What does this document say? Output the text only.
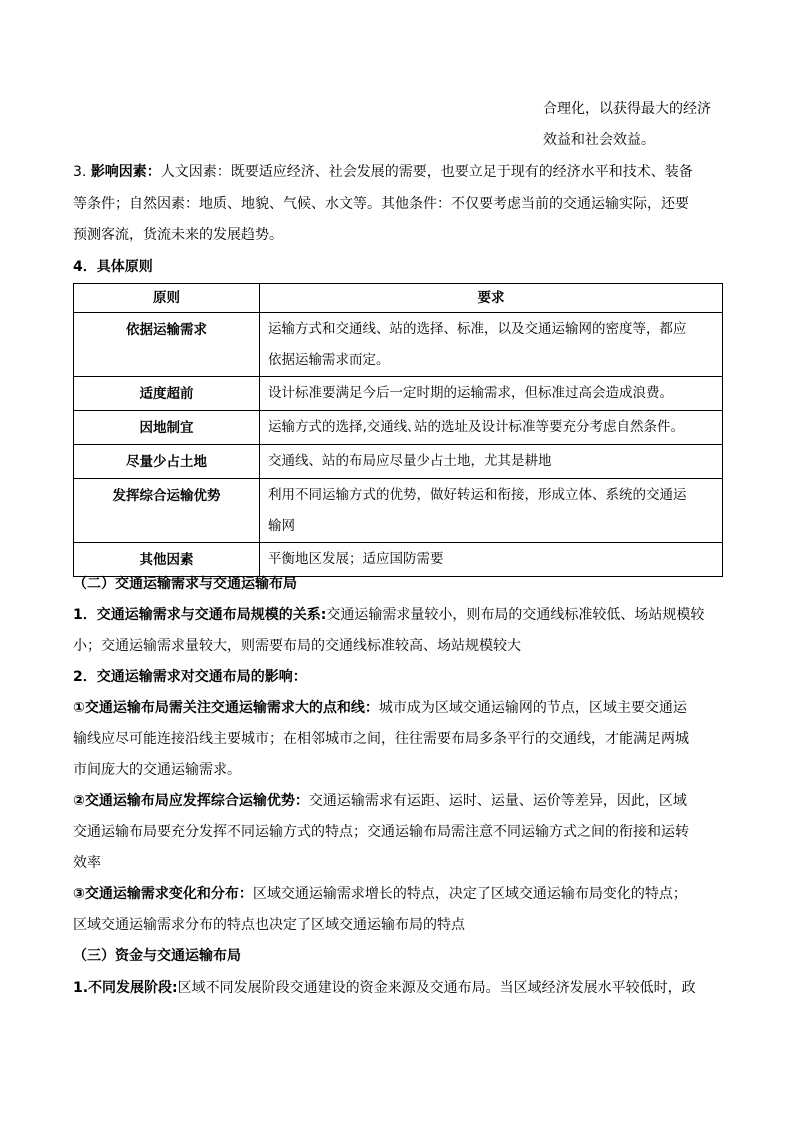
合理化，以获得最大的经济
效益和社会效益。
3. 影响因素：人文因素：既要适应经济、社会发展的需要，也要立足于现有的经济水平和技术、装备
等条件；自然因素：地质、地貌、气候、水文等。其他条件：不仅要考虑当前的交通运输实际，还要
预测客流，货流未来的发展趋势。
4．具体原则
原则	要求
依据运输需求	运输方式和交通线、站的选择、标准，以及交通运输网的密度等，都应
依据运输需求而定。

适度超前	设计标准要满足今后一定时期的运输需求，但标准过高会造成浪费。
因地制宜	运输方式的选择,交通线､站的选址及设计标准等要充分考虑自然条件。
尽量少占土地	交通线、站的布局应尽量少占土地，尤其是耕地
发挥综合运输优势	利用不同运输方式的优势，做好转运和衔接，形成立体、系统的交通运
输网

其他因素	平衡地区发展；适应国防需要
（二）交通运输需求与交通运输布局
1．交通运输需求与交通布局规模的关系:交通运输需求量较小，则布局的交通线标准较低、场站规模较
小；交通运输需求量较大，则需要布局的交通线标准较高、场站规模较大
2．交通运输需求对交通布局的影响：
①交通运输布局需关注交通运输需求大的点和线：城市成为区域交通运输网的节点，区域主要交通运
输线应尽可能连接沿线主要城市；在相邻城市之间，往往需要布局多条平行的交通线，才能满足两城
市间庞大的交通运输需求。
②交通运输布局应发挥综合运输优势：交通运输需求有运距、运时、运量、运价等差异，因此，区域
交通运输布局要充分发挥不同运输方式的特点；交通运输布局需注意不同运输方式之间的衔接和运转
效率
③交通运输需求变化和分布：区域交通运输需求增长的特点，决定了区域交通运输布局变化的特点；
区域交通运输需求分布的特点也决定了区域交通运输布局的特点
（三）资金与交通运输布局
1.不同发展阶段:区域不同发展阶段交通建设的资金来源及交通布局。当区域经济发展水平较低时，政
